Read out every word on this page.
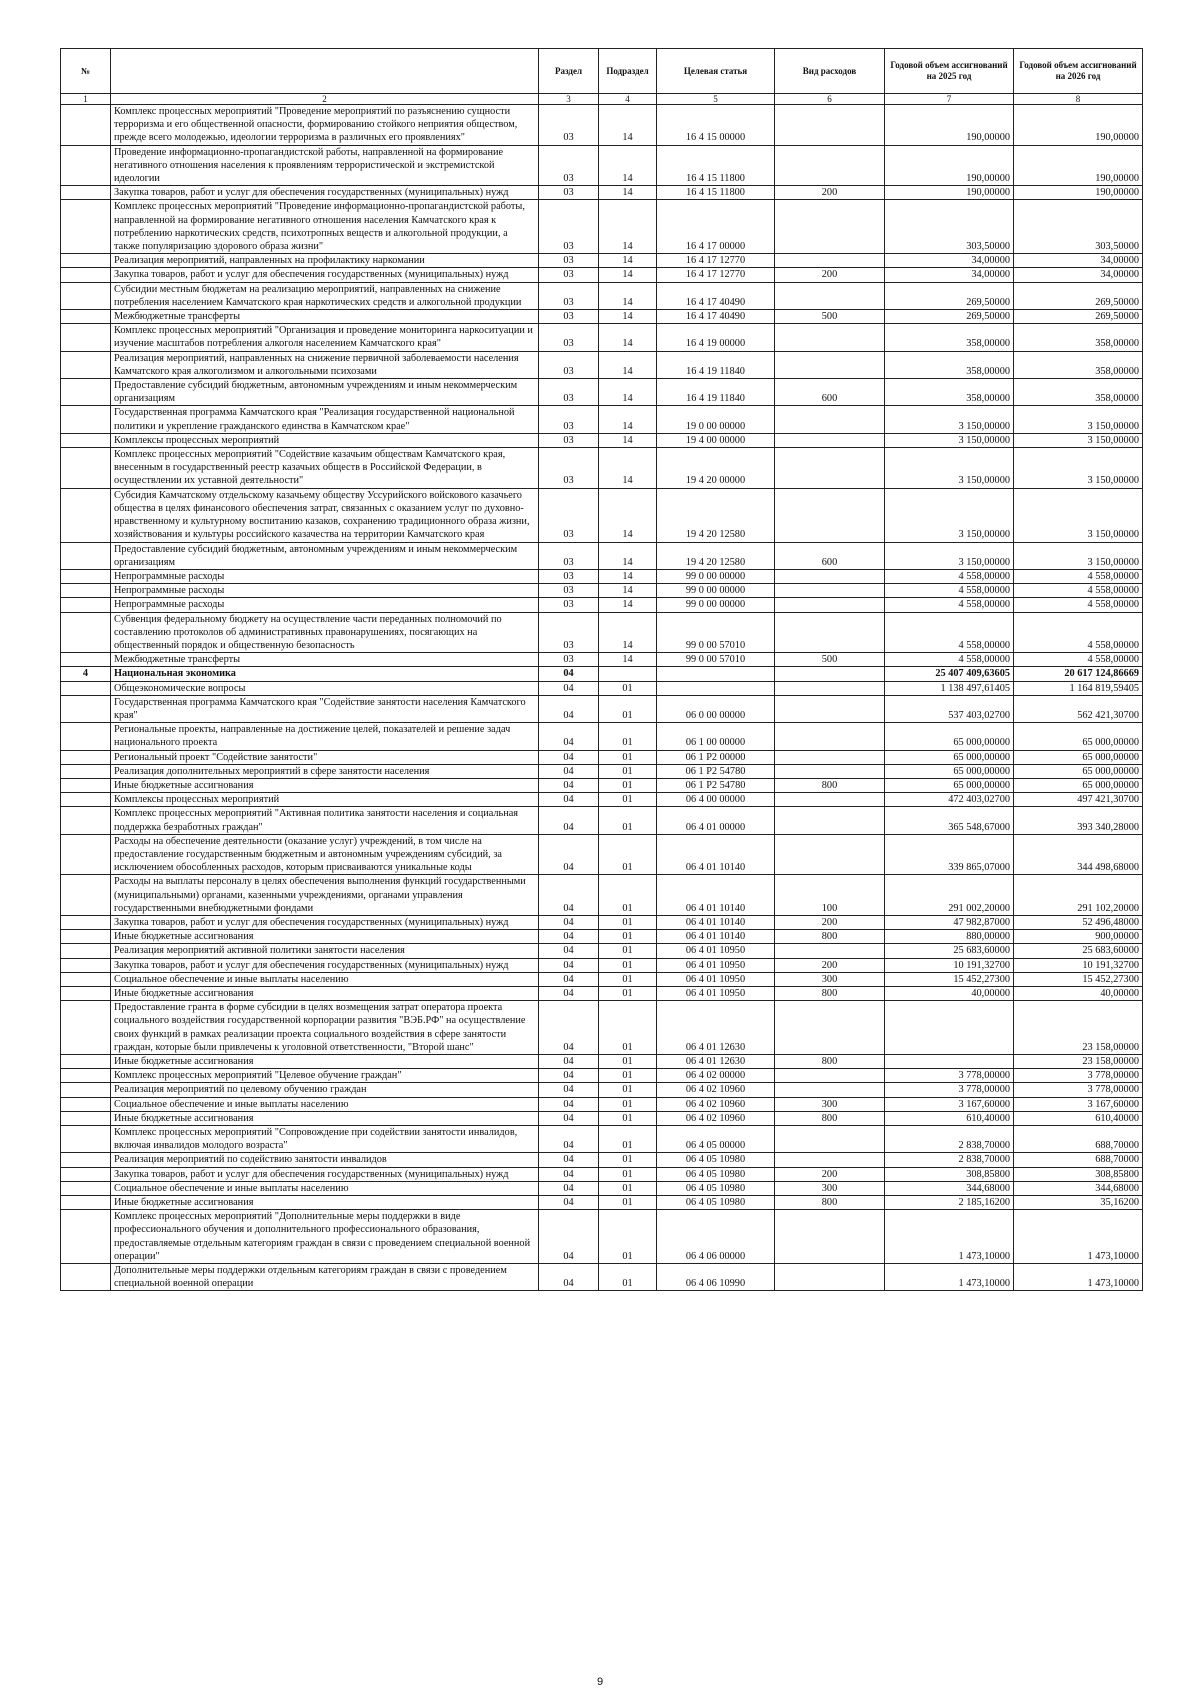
№		Раздел	Подраздел	Целевая статья	Вид расходов	Годовой объем ассигнований на 2025 год	Годовой объем ассигнований на 2026 год
1	2	3	4	5	6	7	8
	Комплекс процессных мероприятий "Проведение мероприятий по разъяснению сущности терроризма и его общественной опасности, формированию стойкого неприятия обществом, прежде всего молодежью, идеологии терроризма в различных его проявлениях"	03	14	16 4 15 00000		190,00000	190,00000
	Проведение информационно-пропагандистской работы, направленной на формирование негативного отношения населения к проявлениям террористической и экстремистской идеологии	03	14	16 4 15 11800		190,00000	190,00000
	Закупка товаров, работ и услуг для обеспечения государственных (муниципальных) нужд	03	14	16 4 15 11800	200	190,00000	190,00000
	Комплекс процессных мероприятий "Проведение информационно-пропагандистской работы, направленной на формирование негативного отношения населения Камчатского края к потреблению наркотических средств, психотропных веществ и алкогольной продукции, а также популяризацию здорового образа жизни"	03	14	16 4 17 00000		303,50000	303,50000
	Реализация мероприятий, направленных на профилактику наркомании	03	14	16 4 17 12770		34,00000	34,00000
	Закупка товаров, работ и услуг для обеспечения государственных (муниципальных) нужд	03	14	16 4 17 12770	200	34,00000	34,00000
	Субсидии местным бюджетам на реализацию мероприятий, направленных на снижение потребления населением Камчатского края наркотических средств и алкогольной продукции	03	14	16 4 17 40490		269,50000	269,50000
	Межбюджетные трансферты	03	14	16 4 17 40490	500	269,50000	269,50000
	Комплекс процессных мероприятий "Организация и проведение мониторинга наркоситуации и изучение масштабов потребления алкоголя населением Камчатского края"	03	14	16 4 19 00000		358,00000	358,00000
	Реализация мероприятий, направленных на снижение первичной заболеваемости населения Камчатского края алкоголизмом и алкогольными психозами	03	14	16 4 19 11840		358,00000	358,00000
	Предоставление субсидий бюджетным, автономным учреждениям и иным некоммерческим организациям	03	14	16 4 19 11840	600	358,00000	358,00000
	Государственная программа Камчатского края "Реализация государственной национальной политики и укрепление гражданского единства в Камчатском крае"	03	14	19 0 00 00000		3 150,00000	3 150,00000
	Комплексы процессных мероприятий	03	14	19 4 00 00000		3 150,00000	3 150,00000
	Комплекс процессных мероприятий "Содействие казачьим обществам Камчатского края, внесенным в государственный реестр казачьих обществ в Российской Федерации, в осуществлении их уставной деятельности"	03	14	19 4 20 00000		3 150,00000	3 150,00000
	Субсидия Камчатскому отдельскому казачьему обществу Уссурийского войскового казачьего общества в целях финансового обеспечения затрат, связанных с оказанием услуг по духовно-нравственному и культурному воспитанию казаков, сохранению традиционного образа жизни, хозяйствования и культуры российского казачества на территории Камчатского края	03	14	19 4 20 12580		3 150,00000	3 150,00000
	Предоставление субсидий бюджетным, автономным учреждениям и иным некоммерческим организациям	03	14	19 4 20 12580	600	3 150,00000	3 150,00000
	Непрограммные расходы	03	14	99 0 00 00000		4 558,00000	4 558,00000
	Непрограммные расходы	03	14	99 0 00 00000		4 558,00000	4 558,00000
	Непрограммные расходы	03	14	99 0 00 00000		4 558,00000	4 558,00000
	Субвенция федеральному бюджету на осуществление части переданных полномочий по составлению протоколов об административных правонарушениях, посягающих на общественный порядок и общественную безопасность	03	14	99 0 00 57010		4 558,00000	4 558,00000
	Межбюджетные трансферты	03	14	99 0 00 57010	500	4 558,00000	4 558,00000
4	Национальная экономика	04				25 407 409,63605	20 617 124,86669
	Общеэкономические вопросы	04	01			1 138 497,61405	1 164 819,59405
	Государственная программа Камчатского края "Содействие занятости населения Камчатского края"	04	01	06 0 00 00000		537 403,02700	562 421,30700
	Региональные проекты, направленные на достижение целей, показателей и решение задач национального проекта	04	01	06 1 00 00000		65 000,00000	65 000,00000
	Региональный проект "Содействие занятости"	04	01	06 1 P2 00000		65 000,00000	65 000,00000
	Реализация дополнительных мероприятий в сфере занятости населения	04	01	06 1 P2 54780		65 000,00000	65 000,00000
	Иные бюджетные ассигнования	04	01	06 1 P2 54780	800	65 000,00000	65 000,00000
	Комплексы процессных мероприятий	04	01	06 4 00 00000		472 403,02700	497 421,30700
	Комплекс процессных мероприятий "Активная политика занятости населения и социальная поддержка безработных граждан"	04	01	06 4 01 00000		365 548,67000	393 340,28000
	Расходы на обеспечение деятельности (оказание услуг) учреждений, в том числе на предоставление государственным бюджетным и автономным учреждениям субсидий, за исключением обособленных расходов, которым присваиваются уникальные коды	04	01	06 4 01 10140		339 865,07000	344 498,68000
	Расходы на выплаты персоналу в целях обеспечения выполнения функций государственными (муниципальными) органами, казенными учреждениями, органами управления государственными внебюджетными фондами	04	01	06 4 01 10140	100	291 002,20000	291 102,20000
	Закупка товаров, работ и услуг для обеспечения государственных (муниципальных) нужд	04	01	06 4 01 10140	200	47 982,87000	52 496,48000
	Иные бюджетные ассигнования	04	01	06 4 01 10140	800	880,00000	900,00000
	Реализация мероприятий активной политики занятости населения	04	01	06 4 01 10950		25 683,60000	25 683,60000
	Закупка товаров, работ и услуг для обеспечения государственных (муниципальных) нужд	04	01	06 4 01 10950	200	10 191,32700	10 191,32700
	Социальное обеспечение и иные выплаты населению	04	01	06 4 01 10950	300	15 452,27300	15 452,27300
	Иные бюджетные ассигнования	04	01	06 4 01 10950	800	40,00000	40,00000
	Предоставление гранта в форме субсидии в целях возмещения затрат оператора проекта социального воздействия государственной корпорации развития "ВЭБ.РФ" на осуществление своих функций в рамках реализации проекта социального воздействия в сфере занятости граждан, которые были привлечены к уголовной ответственности, "Второй шанс"	04	01	06 4 01 12630			23 158,00000
	Иные бюджетные ассигнования	04	01	06 4 01 12630	800		23 158,00000
	Комплекс процессных мероприятий "Целевое обучение граждан"	04	01	06 4 02 00000		3 778,00000	3 778,00000
	Реализация мероприятий по целевому обучению граждан	04	01	06 4 02 10960		3 778,00000	3 778,00000
	Социальное обеспечение и иные выплаты населению	04	01	06 4 02 10960	300	3 167,60000	3 167,60000
	Иные бюджетные ассигнования	04	01	06 4 02 10960	800	610,40000	610,40000
	Комплекс процессных мероприятий "Сопровождение при содействии занятости инвалидов, включая инвалидов молодого возраста"	04	01	06 4 05 00000		2 838,70000	688,70000
	Реализация мероприятий по содействию занятости инвалидов	04	01	06 4 05 10980		2 838,70000	688,70000
	Закупка товаров, работ и услуг для обеспечения государственных (муниципальных) нужд	04	01	06 4 05 10980	200	308,85800	308,85800
	Социальное обеспечение и иные выплаты населению	04	01	06 4 05 10980	300	344,68000	344,68000
	Иные бюджетные ассигнования	04	01	06 4 05 10980	800	2 185,16200	35,16200
	Комплекс процессных мероприятий "Дополнительные меры поддержки в виде профессионального обучения и дополнительного профессионального образования, предоставляемые отдельным категориям граждан в связи с проведением специальной военной операции"	04	01	06 4 06 00000		1 473,10000	1 473,10000
	Дополнительные меры поддержки отдельным категориям граждан в связи с проведением специальной военной операции	04	01	06 4 06 10990		1 473,10000	1 473,10000
9
